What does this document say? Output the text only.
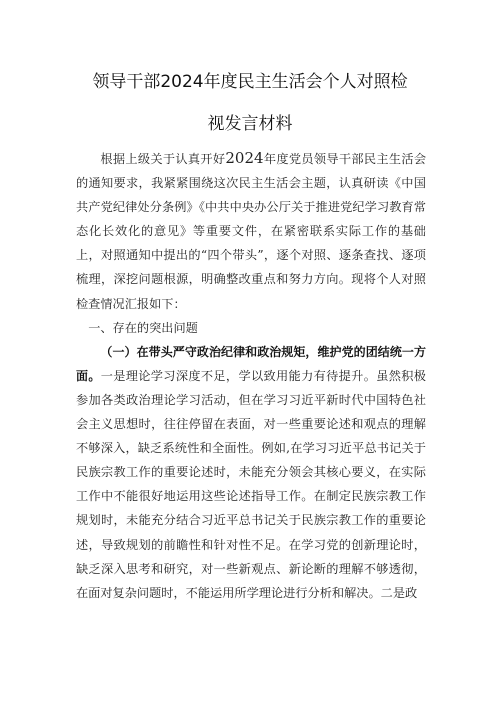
领导干部2024年度民主生活会个人对照检
视发言材料

根据上级关于认真开好2024年度党员领导干部民主生活会的通知要求，我紧紧围绕这次民主生活会主题，认真研读《中国共产党纪律处分条例》《中共中央办公厅关于推进党纪学习教育常态化长效化的意见》等重要文件，在紧密联系实际工作的基础上，对照通知中提出的“四个带头”，逐个对照、逐条查找、逐项梳理，深挖问题根源，明确整改重点和努力方向。现将个人对照检查情况汇报如下：

一、存在的突出问题

（一）在带头严守政治纪律和政治规矩，维护党的团结统一方面。一是理论学习深度不足，学以致用能力有待提升。虽然积极参加各类政治理论学习活动，但在学习习近平新时代中国特色社会主义思想时，往往停留在表面，对一些重要论述和观点的理解不够深入，缺乏系统性和全面性。例如,在学习习近平总书记关于民族宗教工作的重要论述时，未能充分领会其核心要义，在实际工作中不能很好地运用这些论述指导工作。在制定民族宗教工作规划时，未能充分结合习近平总书记关于民族宗教工作的重要论述，导致规划的前瞻性和针对性不足。在学习党的创新理论时，缺乏深入思考和研究，对一些新观点、新论断的理解不够透彻，在面对复杂问题时，不能运用所学理论进行分析和解决。二是政
